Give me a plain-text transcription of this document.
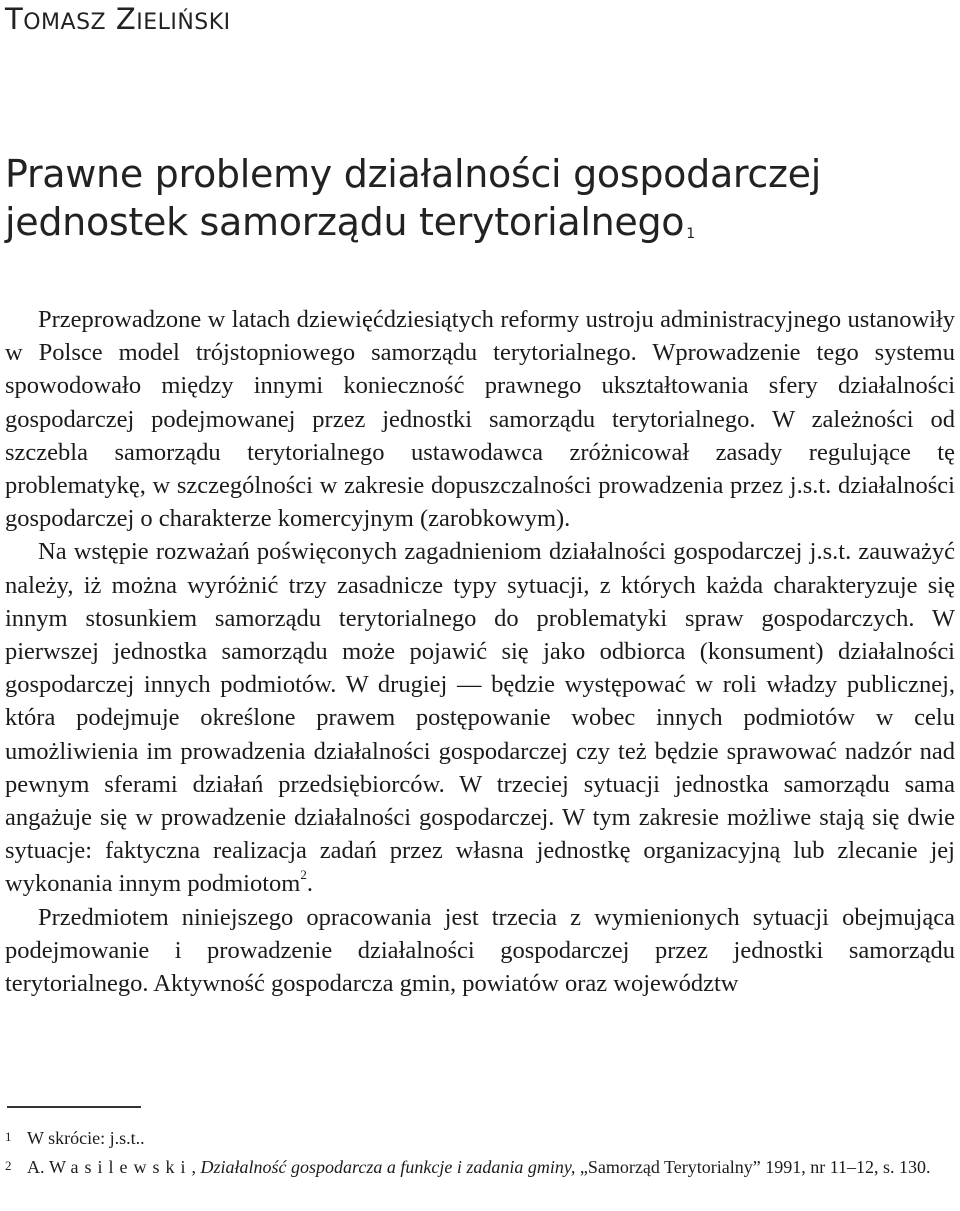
TOMASZ ZIELIŃSKI
Prawne problemy działalności gospodarczej
jednostek samorządu terytorialnego $^1$

Przeprowadzone w latach dziewięćdziesiątych reformy ustroju administracyjnego ustanowiły w Polsce model trójstopniowego samorządu terytorialnego. Wprowadzenie tego systemu spowodowało między innymi konieczność prawnego ukształtowania sfery działalności gospodarczej podejmowanej przez jednostki samorządu terytorialnego. W zależności od szczebla samorządu terytorialnego ustawodawca zróżnicował zasady regulujące tę problematykę, w szczególności w zakresie dopuszczalności prowadzenia przez j.s.t. działalności gospodarczej o charakterze komercyjnym (zarobkowym).

Na wstępie rozważań poświęconych zagadnieniom działalności gospodarczej j.s.t. zauważyć należy, iż można wyróżnić trzy zasadnicze typy sytuacji, z których każda charakteryzuje się innym stosunkiem samorządu terytorialnego do problematyki spraw gospodarczych. W pierwszej jednostka samorządu może pojawić się jako odbiorca (konsument) działalności gospodarczej innych podmiotów. W drugiej — będzie występować w roli władzy publicznej, która podejmuje określone prawem postępowanie wobec innych podmiotów w celu umożliwienia im prowadzenia działalności gospodarczej czy też będzie sprawować nadzór nad pewnym sferami działań przedsiębiorców. W trzeciej sytuacji jednostka samorządu sama angażuje się w prowadzenie działalności gospodarczej. W tym zakresie możliwe stają się dwie sytuacje: faktyczna realizacja zadań przez własna jednostkę organizacyjną lub zlecanie jej wykonania innym podmiotom$^2$.

Przedmiotem niniejszego opracowania jest trzecia z wymienionych sytuacji obejmująca podejmowanie i prowadzenie działalności gospodarczej przez jednostki samorządu terytorialnego. Aktywność gospodarcza gmin, powiatów oraz województw

1 W skrócie: j.s.t..

2 A. Wasilewski, Działalność gospodarcza a funkcje i zadania gminy, „Samorząd Terytorialny” 1991, nr 11–12, s. 130.
